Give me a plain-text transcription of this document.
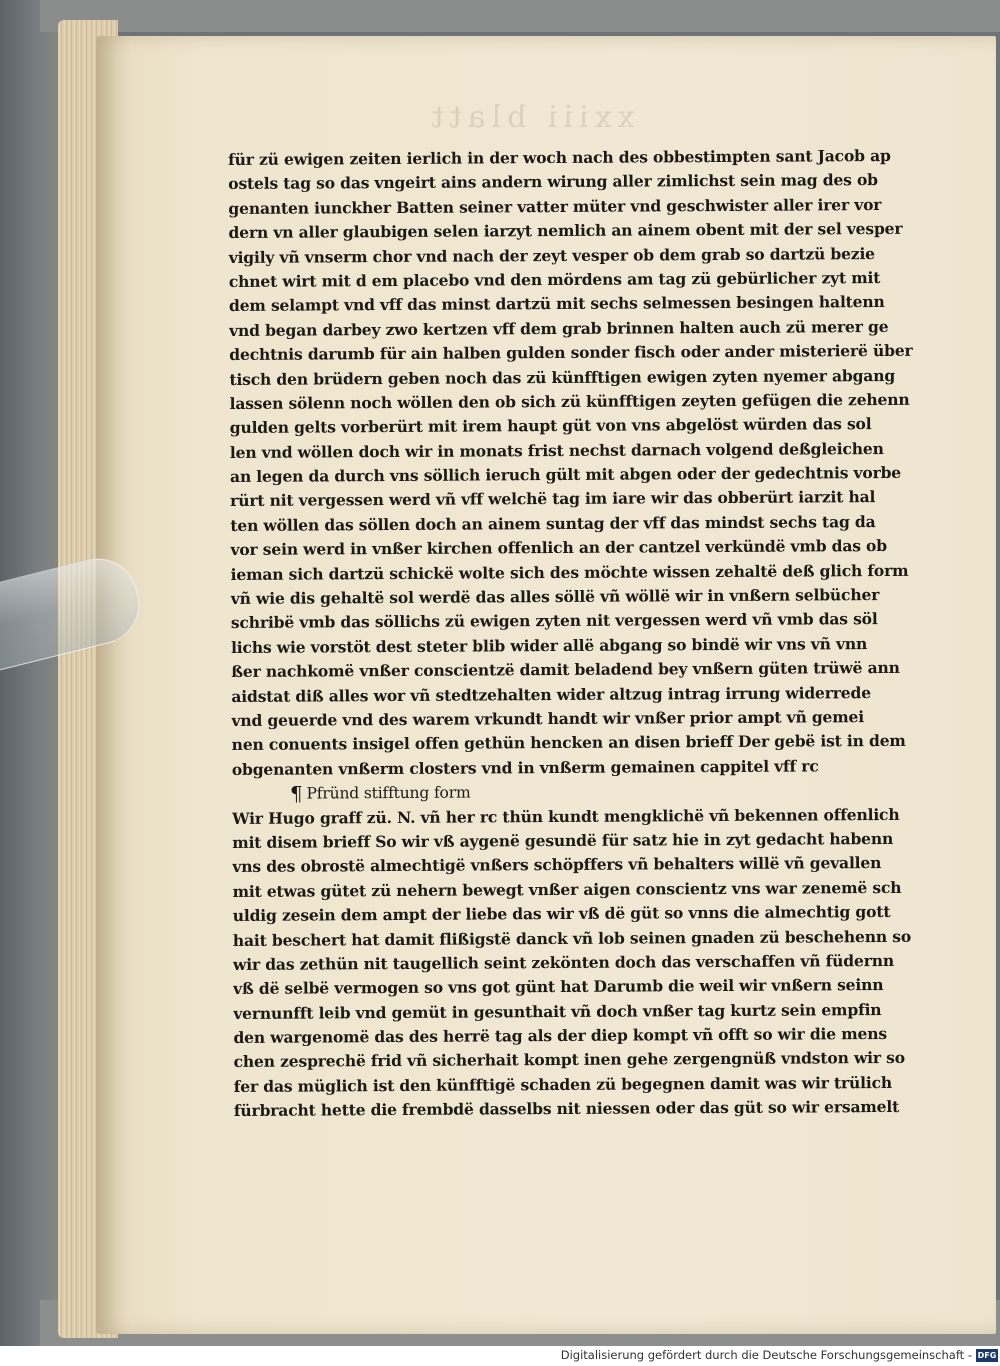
xxiii blatt
für zü ewigen zeiten ierlich in der woch nach des obbestimpten sant Jacob ap
ostels tag so das vngeirt ains andern wirung aller zimlichst sein mag des ob
genanten iunckher Batten seiner vatter müter vnd geschwister aller irer vor
dern vn aller glaubigen selen iarzyt nemlich an ainem obent mit der sel vesper
vigily vñ vnserm chor vnd nach der zeyt vesper ob dem grab so dartzü bezie
chnet wirt mit d em placebo vnd den mördens am tag zü gebürlicher zyt mit
dem selampt vnd vff das minst dartzü mit sechs selmessen besingen haltenn
vnd began darbey zwo kertzen vff dem grab brinnen halten auch zü merer ge
dechtnis darumb für ain halben gulden sonder fisch oder ander misterierë über
tisch den brüdern geben noch das zü künfftigen ewigen zyten nyemer abgang
lassen sölenn noch wöllen den ob sich zü künfftigen zeyten gefügen die zehenn
gulden gelts vorberürt mit irem haupt güt von vns abgelöst würden das sol
len vnd wöllen doch wir in monats frist nechst darnach volgend deßgleichen
an legen da durch vns söllich ieruch gült mit abgen oder der gedechtnis vorbe
rürt nit vergessen werd vñ vff welchë tag im iare wir das obberürt iarzit hal
ten wöllen das söllen doch an ainem suntag der vff das mindst sechs tag da
vor sein werd in vnßer kirchen offenlich an der cantzel verkündë vmb das ob
ieman sich dartzü schickë wolte sich des möchte wissen zehaltë deß glich form
vñ wie dis gehaltë sol werdë das alles söllë vñ wöllë wir in vnßern selbücher
schribë vmb das söllichs zü ewigen zyten nit vergessen werd vñ vmb das söl
lichs wie vorstöt dest steter blib wider allë abgang so bindë wir vns vñ vnn
ßer nachkomë vnßer conscientzë damit beladend bey vnßern güten trüwë ann
aidstat diß alles wor vñ stedtzehalten wider altzug intrag irrung widerrede
vnd geuerde vnd des warem vrkundt handt wir vnßer prior ampt vñ gemei
nen conuents insigel offen gethün hencken an disen brieff Der gebë ist in dem
obgenanten vnßerm closters vnd in vnßerm gemainen cappitel vff rc
¶ Pfründ stifftung form
Wir Hugo graff zü. N. vñ her rc thün kundt mengklichë vñ bekennen offenlich
mit disem brieff So wir vß aygenë gesundë für satz hie in zyt gedacht habenn
vns des obrostë almechtigë vnßers schöpffers vñ behalters willë vñ gevallen
mit etwas gütet zü nehern bewegt vnßer aigen conscientz vns war zenemë sch
uldig zesein dem ampt der liebe das wir vß dë güt so vnns die almechtig gott
hait beschert hat damit flißigstë danck vñ lob seinen gnaden zü beschehenn so
wir das zethün nit taugellich seint zekönten doch das verschaffen vñ füdernn
vß dë selbë vermogen so vns got günt hat Darumb die weil wir vnßern seinn
vernunfft leib vnd gemüt in gesunthait vñ doch vnßer tag kurtz sein empfin
den wargenomë das des herrë tag als der diep kompt vñ offt so wir die mens
chen zesprechë frid vñ sicherhait kompt inen gehe zergengnüß vndston wir so
fer das müglich ist den künfftigë schaden zü begegnen damit was wir trülich
fürbracht hette die frembdë dasselbs nit niessen oder das güt so wir ersamelt
Digitalisierung gefördert durch die Deutsche Forschungsgemeinschaft - DFG
